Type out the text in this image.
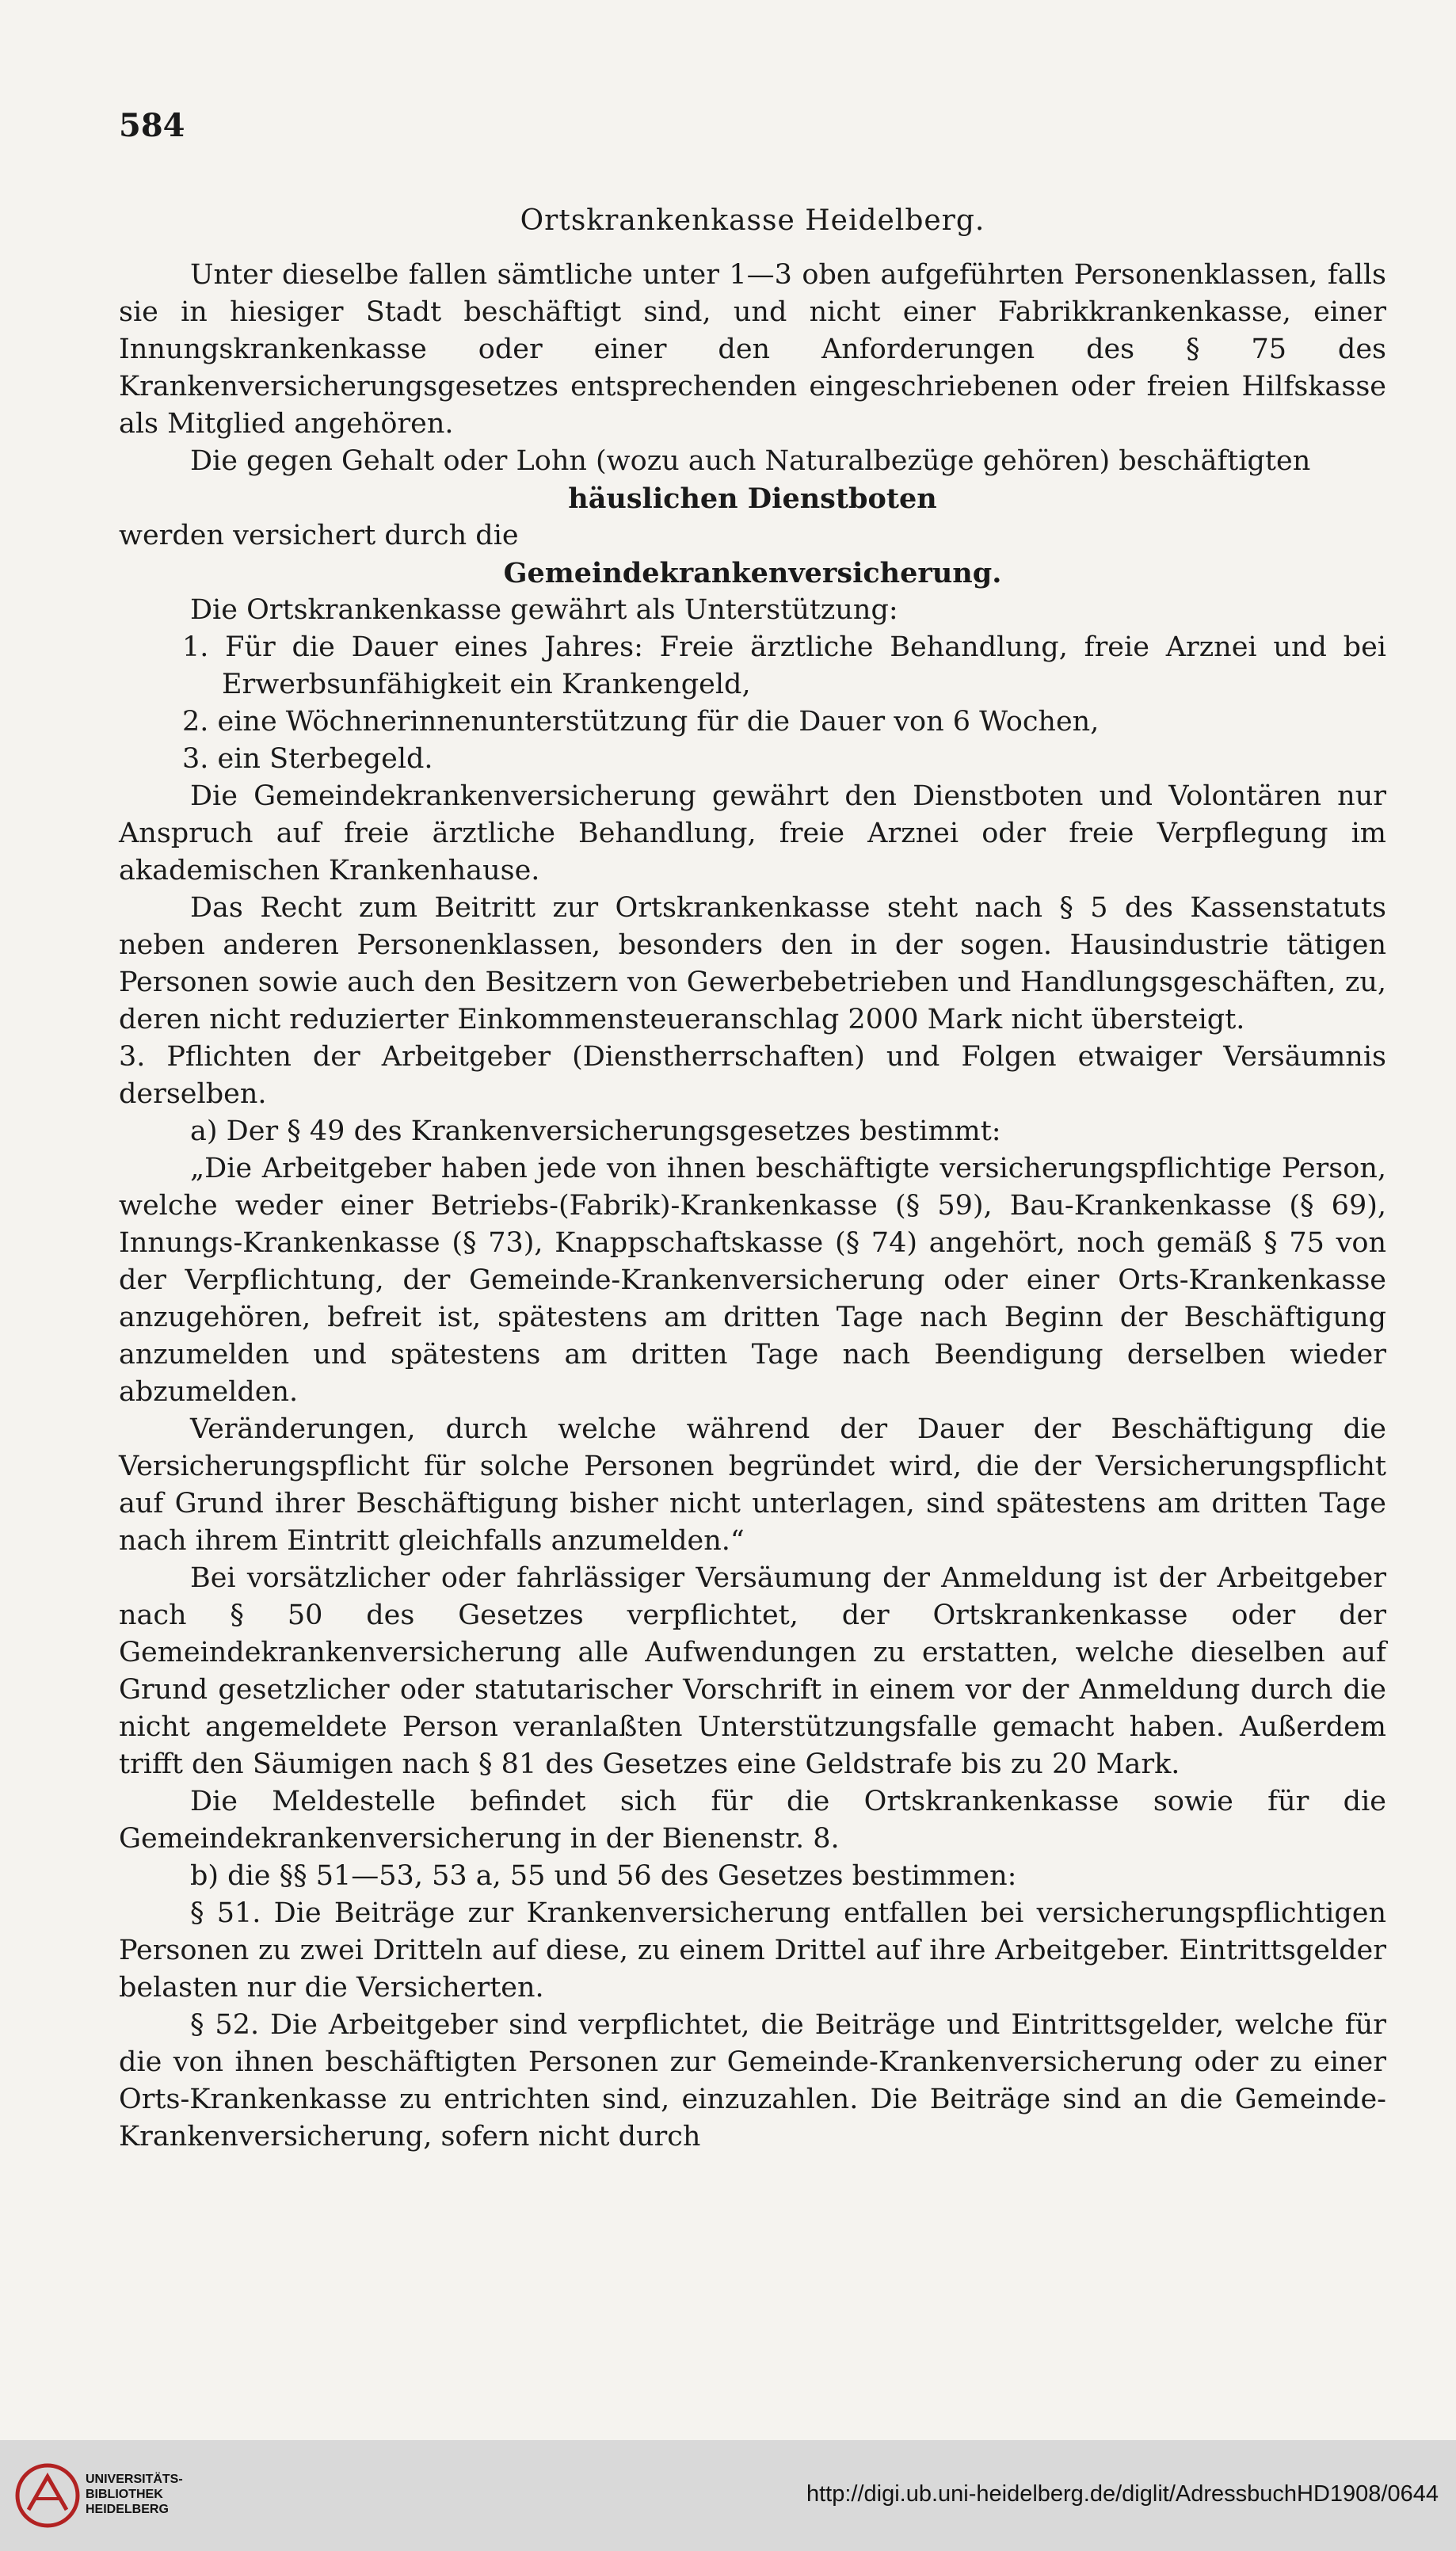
584
Ortskrankenkasse Heidelberg.

Unter dieselbe fallen sämtliche unter 1—3 oben aufgeführten Personenklassen, falls sie in hiesiger Stadt beschäftigt sind, und nicht einer Fabrikkrankenkasse, einer Innungskrankenkasse oder einer den Anforderungen des § 75 des Krankenversicherungsgesetzes entsprechenden eingeschriebenen oder freien Hilfskasse als Mitglied angehören.

Die gegen Gehalt oder Lohn (wozu auch Naturalbezüge gehören) beschäftigten

häuslichen Dienstboten

werden versichert durch die

Gemeindekrankenversicherung.

Die Ortskrankenkasse gewährt als Unterstützung:

1. Für die Dauer eines Jahres: Freie ärztliche Behandlung, freie Arznei und bei Erwerbsunfähigkeit ein Krankengeld,

2. eine Wöchnerinnenunterstützung für die Dauer von 6 Wochen,

3. ein Sterbegeld.

Die Gemeindekrankenversicherung gewährt den Dienstboten und Volontären nur Anspruch auf freie ärztliche Behandlung, freie Arznei oder freie Verpflegung im akademischen Krankenhause.

Das Recht zum Beitritt zur Ortskrankenkasse steht nach § 5 des Kassenstatuts neben anderen Personenklassen, besonders den in der sogen. Hausindustrie tätigen Personen sowie auch den Besitzern von Gewerbebetrieben und Handlungsgeschäften, zu, deren nicht reduzierter Einkommensteueranschlag 2000 Mark nicht übersteigt.

3. Pflichten der Arbeitgeber (Dienstherrschaften) und Folgen etwaiger Versäumnis derselben.

a) Der § 49 des Krankenversicherungsgesetzes bestimmt:

„Die Arbeitgeber haben jede von ihnen beschäftigte versicherungspflichtige Person, welche weder einer Betriebs-(Fabrik)-Krankenkasse (§ 59), Bau-Krankenkasse (§ 69), Innungs-Krankenkasse (§ 73), Knappschaftskasse (§ 74) angehört, noch gemäß § 75 von der Verpflichtung, der Gemeinde-Krankenversicherung oder einer Orts-Krankenkasse anzugehören, befreit ist, spätestens am dritten Tage nach Beginn der Beschäftigung anzumelden und spätestens am dritten Tage nach Beendigung derselben wieder abzumelden.

Veränderungen, durch welche während der Dauer der Beschäftigung die Versicherungspflicht für solche Personen begründet wird, die der Versicherungspflicht auf Grund ihrer Beschäftigung bisher nicht unterlagen, sind spätestens am dritten Tage nach ihrem Eintritt gleichfalls anzumelden.“

Bei vorsätzlicher oder fahrlässiger Versäumung der Anmeldung ist der Arbeitgeber nach § 50 des Gesetzes verpflichtet, der Ortskrankenkasse oder der Gemeindekrankenversicherung alle Aufwendungen zu erstatten, welche dieselben auf Grund gesetzlicher oder statutarischer Vorschrift in einem vor der Anmeldung durch die nicht angemeldete Person veranlaßten Unterstützungsfalle gemacht haben. Außerdem trifft den Säumigen nach § 81 des Gesetzes eine Geldstrafe bis zu 20 Mark.

Die Meldestelle befindet sich für die Ortskrankenkasse sowie für die Gemeindekrankenversicherung in der Bienenstr. 8.

b) die §§ 51—53, 53 a, 55 und 56 des Gesetzes bestimmen:

§ 51. Die Beiträge zur Krankenversicherung entfallen bei versicherungspflichtigen Personen zu zwei Dritteln auf diese, zu einem Drittel auf ihre Arbeitgeber. Eintrittsgelder belasten nur die Versicherten.

§ 52. Die Arbeitgeber sind verpflichtet, die Beiträge und Eintrittsgelder, welche für die von ihnen beschäftigten Personen zur Gemeinde-Krankenversicherung oder zu einer Orts-Krankenkasse zu entrichten sind, einzuzahlen. Die Beiträge sind an die Gemeinde-Krankenversicherung, sofern nicht durch

UNIVERSITÄTS-
BIBLIOTHEK
HEIDELBERG
http://digi.ub.uni-heidelberg.de/diglit/AdressbuchHD1908/0644
